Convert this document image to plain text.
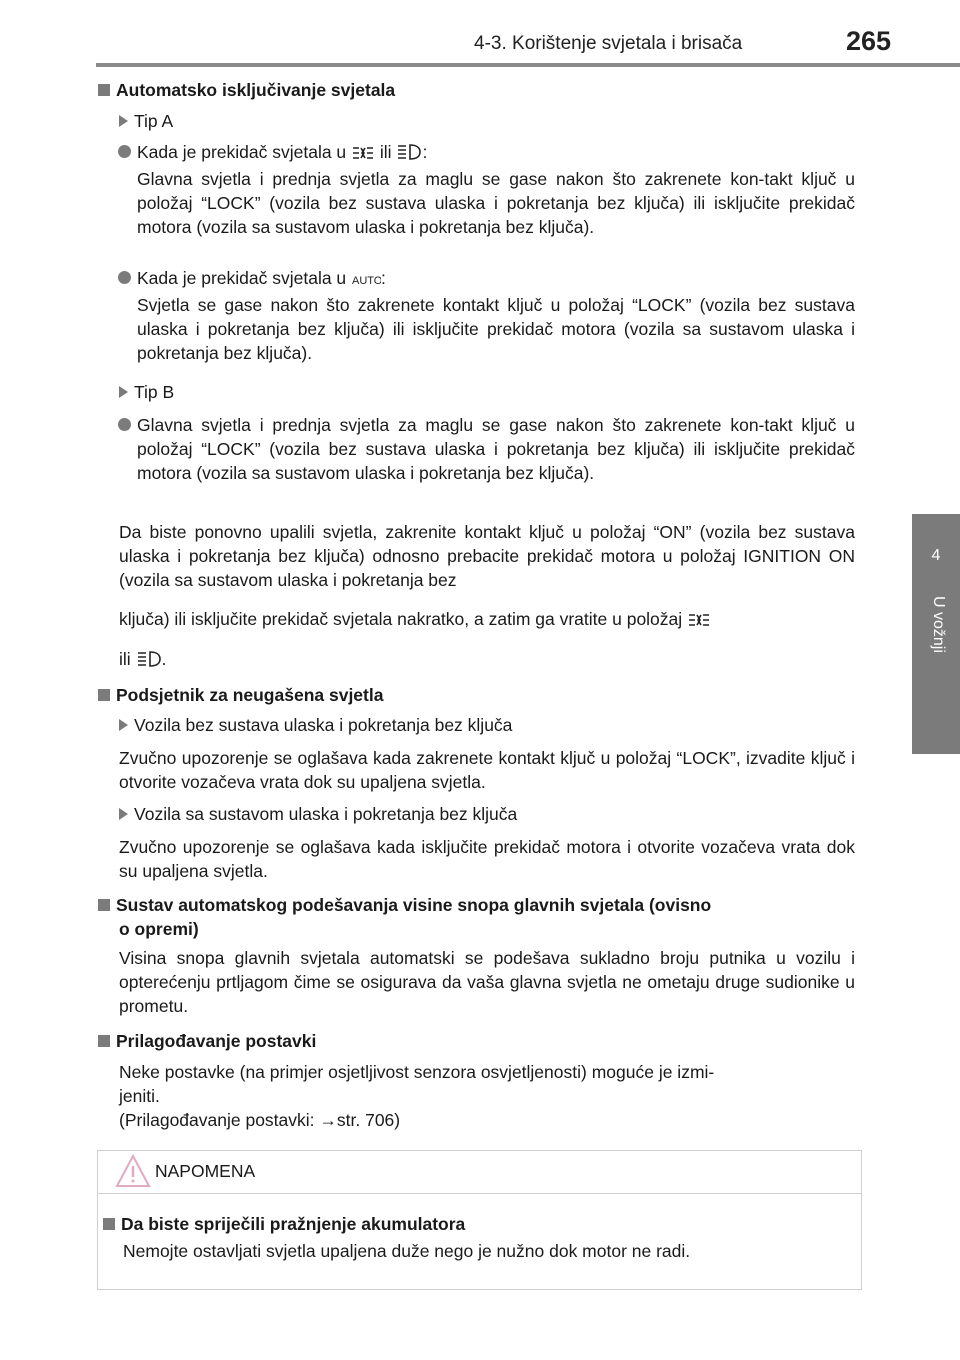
4-3. Korištenje svjetala i brisača	265
4
U vožnji
Automatsko isključivanje svjetala
Tip A
Kada je prekidač svjetala u ili :
Glavna svjetla i prednja svjetla za maglu se gase nakon što zakrenete kon-takt ključ u položaj “LOCK” (vozila bez sustava ulaska i pokretanja bez ključa) ili isključite prekidač motora (vozila sa sustavom ulaska i pokretanja bez ključa).
Kada je prekidač svjetala u AUTO
:
Svjetla se gase nakon što zakrenete kontakt ključ u položaj “LOCK” (vozila bez sustava ulaska i pokretanja bez ključa) ili isključite prekidač motora (vozila sa sustavom ulaska i pokretanja bez ključa).
Tip B
Glavna svjetla i prednja svjetla za maglu se gase nakon što zakrenete kon-takt ključ u položaj “LOCK” (vozila bez sustava ulaska i pokretanja bez ključa) ili isključite prekidač motora (vozila sa sustavom ulaska i pokretanja bez ključa).
Da biste ponovno upalili svjetla, zakrenite kontakt ključ u položaj “ON” (vozila bez sustava ulaska i pokretanja bez ključa) odnosno prebacite prekidač motora u položaj IGNITION ON (vozila sa sustavom ulaska i pokretanja bez
ključa) ili isključite prekidač svjetala nakratko, a zatim ga vratite u položaj
ili .
Podsjetnik za neugašena svjetla
Vozila bez sustava ulaska i pokretanja bez ključa
Zvučno upozorenje se oglašava kada zakrenete kontakt ključ u položaj “LOCK”, izvadite ključ i otvorite vozačeva vrata dok su upaljena svjetla.
Vozila sa sustavom ulaska i pokretanja bez ključa
Zvučno upozorenje se oglašava kada isključite prekidač motora i otvorite vozačeva vrata dok su upaljena svjetla.
Sustav automatskog podešavanja visine snopa glavnih svjetala (ovisno
o opremi)
Visina snopa glavnih svjetala automatski se podešava sukladno broju putnika u vozilu i opterećenju prtljagom čime se osigurava da vaša glavna svjetla ne ometaju druge sudionike u prometu.
Prilagođavanje postavki
Neke postavke (na primjer osjetljivost senzora osvjetljenosti) moguće je izmi-
jeniti.
(Prilagođavanje postavki: →str. 706)
NAPOMENA
Da biste spriječili pražnjenje akumulatora
Nemojte ostavljati svjetla upaljena duže nego je nužno dok motor ne radi.
